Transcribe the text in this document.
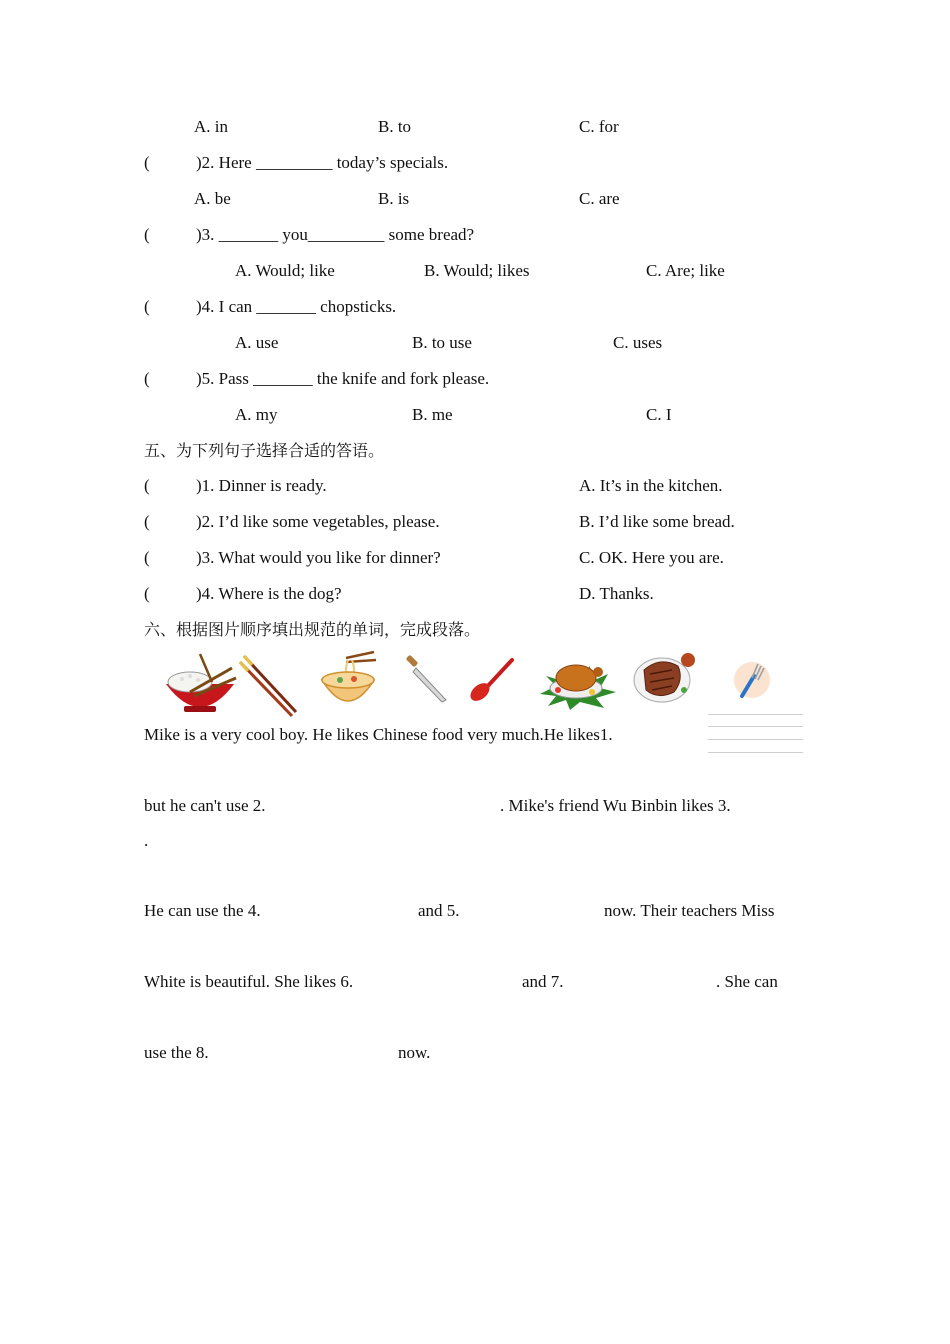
A. in	B. to	C. for
(	)2. Here _________ today’s specials.
A. be	B. is	C. are
(	)3. _______ you_________ some bread?
A. Would; like	B. Would; likes	C. Are; like
(	)4. I can _______ chopsticks.
A. use	B. to use	C. uses
(	)5. Pass _______ the knife and fork please.
A. my	B. me	C. I
五、为下列句子选择合适的答语。
(	)1. Dinner is ready.	A. It’s in the kitchen.
(	)2. I’d like some vegetables, please.	B. I’d like some bread.
(	)3. What would you like for dinner?	C. OK. Here you are.
(	)4. Where is the dog?	D. Thanks.
六、根据图片顺序填出规范的单词，完成段落。
Mike is a very cool boy. He likes Chinese food very much.He likes1.
but he can't use 2.	. Mike's friend Wu Binbin likes 3.
.
He can use the 4.	and 5.	now. Their teachers Miss
White is beautiful. She likes 6.	and 7.	. She can
use the 8.	now.
